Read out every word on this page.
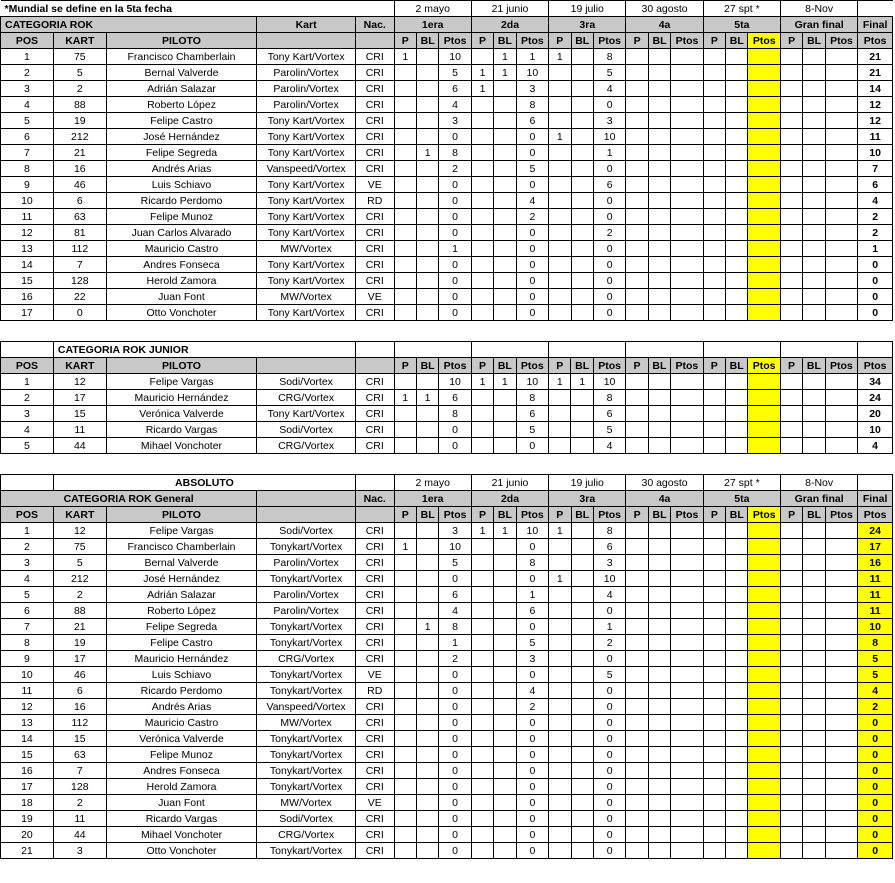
*Mundial se define en la 5ta fecha					2 mayo			21 junio			19 julio			30 agosto			27 spt *			8-Nov			
CATEGORIA ROK			Kart	Nac.	1era			2da			3ra			4a			5ta			Gran final			Final
POS	KART	PILOTO			P	BL	Ptos	P	BL	Ptos	P	BL	Ptos	P	BL	Ptos	P	BL	Ptos	P	BL	Ptos	Ptos
1	75	Francisco Chamberlain	Tony Kart/Vortex	CRI	1		10		1	1	1		8										21
2	5	Bernal Valverde	Parolin/Vortex	CRI			5	1	1	10			5										21
3	2	Adrián Salazar	Parolin/Vortex	CRI			6	1		3			4										14
4	88	Roberto López	Parolin/Vortex	CRI			4			8			0										12
5	19	Felipe Castro	Tony Kart/Vortex	CRI			3			6			3										12
6	212	José Hernández	Tony Kart/Vortex	CRI			0			0	1		10										11
7	21	Felipe Segreda	Tony Kart/Vortex	CRI		1	8			0			1										10
8	16	Andrés Arias	Vanspeed/Vortex	CRI			2			5			0										7
9	46	Luis Schiavo	Tony Kart/Vortex	VE			0			0			6										6
10	6	Ricardo Perdomo	Tony Kart/Vortex	RD			0			4			0										4
11	63	Felipe Munoz	Tony Kart/Vortex	CRI			0			2			0										2
12	81	Juan Carlos Alvarado	Tony Kart/Vortex	CRI			0			0			2										2
13	112	Mauricio Castro	MW/Vortex	CRI			1			0			0										1
14	7	Andres Fonseca	Tony Kart/Vortex	CRI			0			0			0										0
15	128	Herold Zamora	Tony Kart/Vortex	CRI			0			0			0										0
16	22	Juan Font	MW/Vortex	VE			0			0			0										0
17	0	Otto Vonchoter	Tony Kart/Vortex	CRI			0			0			0										0
	CATEGORIA ROK JUNIOR																						
POS	KART	PILOTO			P	BL	Ptos	P	BL	Ptos	P	BL	Ptos	P	BL	Ptos	P	BL	Ptos	P	BL	Ptos	Ptos
1	12	Felipe Vargas	Sodi/Vortex	CRI			10	1	1	10	1	1	10										34
2	17	Mauricio Hernández	CRG/Vortex	CRI	1	1	6			8			8										24
3	15	Verónica Valverde	Tony Kart/Vortex	CRI			8			6			6										20
4	11	Ricardo Vargas	Sodi/Vortex	CRI			0			5			5										10
5	44	Mihael Vonchoter	CRG/Vortex	CRI			0			0			4										4
	ABSOLUTO				2 mayo			21 junio			19 julio			30 agosto			27 spt *			8-Nov			
CATEGORIA ROK General				Nac.	1era			2da			3ra			4a			5ta			Gran final			Final
POS	KART	PILOTO			P	BL	Ptos	P	BL	Ptos	P	BL	Ptos	P	BL	Ptos	P	BL	Ptos	P	BL	Ptos	Ptos
1	12	Felipe Vargas	Sodi/Vortex	CRI			3	1	1	10	1		8										24
2	75	Francisco Chamberlain	Tonykart/Vortex	CRI	1		10			0			6										17
3	5	Bernal Valverde	Parolin/Vortex	CRI			5			8			3										16
4	212	José Hernández	Tonykart/Vortex	CRI			0			0	1		10										11
5	2	Adrián Salazar	Parolin/Vortex	CRI			6			1			4										11
6	88	Roberto López	Parolin/Vortex	CRI			4			6			0										11
7	21	Felipe Segreda	Tonykart/Vortex	CRI		1	8			0			1										10
8	19	Felipe Castro	Tonykart/Vortex	CRI			1			5			2										8
9	17	Mauricio Hernández	CRG/Vortex	CRI			2			3			0										5
10	46	Luis Schiavo	Tonykart/Vortex	VE			0			0			5										5
11	6	Ricardo Perdomo	Tonykart/Vortex	RD			0			4			0										4
12	16	Andrés Arias	Vanspeed/Vortex	CRI			0			2			0										2
13	112	Mauricio Castro	MW/Vortex	CRI			0			0			0										0
14	15	Verónica Valverde	Tonykart/Vortex	CRI			0			0			0										0
15	63	Felipe Munoz	Tonykart/Vortex	CRI			0			0			0										0
16	7	Andres Fonseca	Tonykart/Vortex	CRI			0			0			0										0
17	128	Herold Zamora	Tonykart/Vortex	CRI			0			0			0										0
18	2	Juan Font	MW/Vortex	VE			0			0			0										0
19	11	Ricardo Vargas	Sodi/Vortex	CRI			0			0			0										0
20	44	Mihael Vonchoter	CRG/Vortex	CRI			0			0			0										0
21	3	Otto Vonchoter	Tonykart/Vortex	CRI			0			0			0										0
